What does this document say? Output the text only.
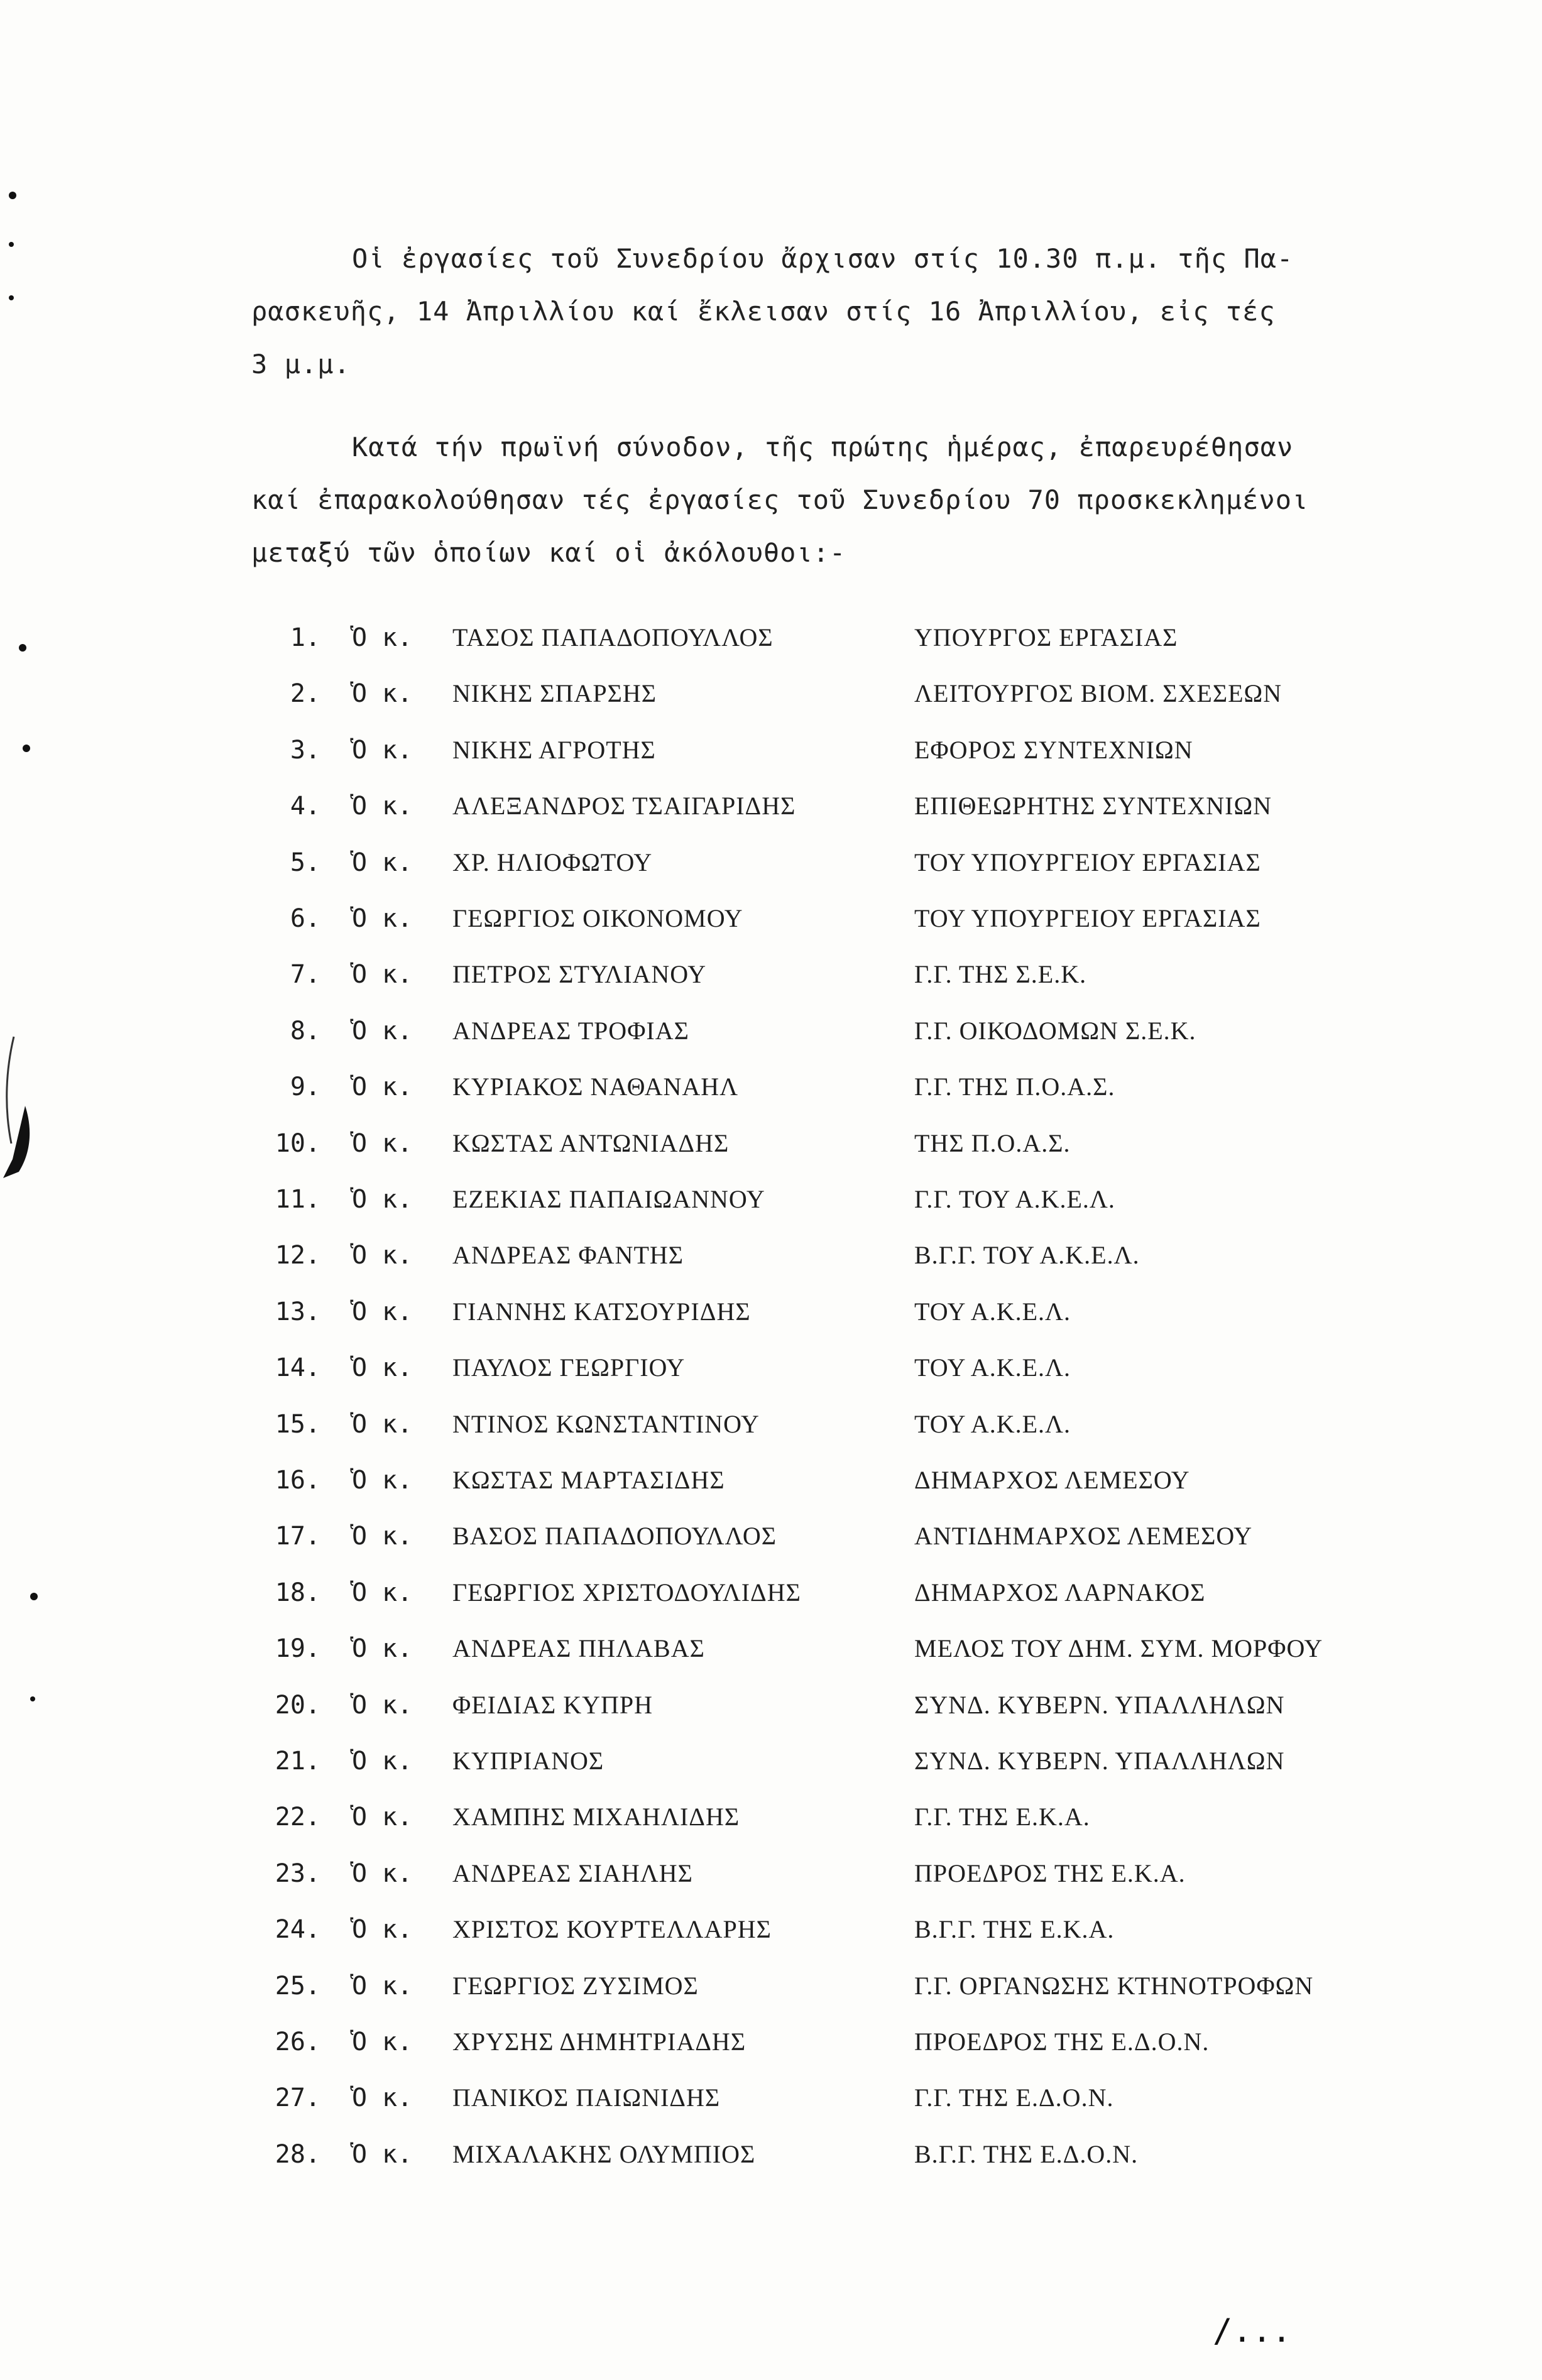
Οἱ ἐργασίες τοῦ Συνεδρίου ἄρχισαν στίς 10.30 π.μ. τῆς Πα-
ρασκευῆς, 14 Ἀπριλλίου καί ἔκλεισαν στίς 16 Ἀπριλλίου, εἰς τές
3 μ.μ.
Κατά τήν πρωϊνή σύνοδον, τῆς πρώτης ἡμέρας, ἐπαρευρέθησαν
καί ἐπαρακολούθησαν τές ἐργασίες τοῦ Συνεδρίου 70 προσκεκλημένοι
μεταξύ τῶν ὁποίων καί οἱ ἀκόλουθοι:-
1. Ὁ κ. ΤΑΣΟΣ ΠΑΠΑΔΟΠΟΥΛΛΟΣ	ΥΠΟΥΡΓΟΣ ΕΡΓΑΣΙΑΣ
2. Ὁ κ. ΝΙΚΗΣ ΣΠΑΡΣΗΣ	ΛΕΙΤΟΥΡΓΟΣ ΒΙΟΜ. ΣΧΕΣΕΩΝ
3. Ὁ κ. ΝΙΚΗΣ ΑΓΡΟΤΗΣ	ΕΦΟΡΟΣ ΣΥΝΤΕΧΝΙΩΝ
4. Ὁ κ. ΑΛΕΞΑΝΔΡΟΣ ΤΣΑΙΓΑΡΙΔΗΣ	ΕΠΙΘΕΩΡΗΤΗΣ ΣΥΝΤΕΧΝΙΩΝ
5. Ὁ κ. ΧΡ. ΗΛΙΟΦΩΤΟΥ	ΤΟΥ ΥΠΟΥΡΓΕΙΟΥ ΕΡΓΑΣΙΑΣ
6. Ὁ κ. ΓΕΩΡΓΙΟΣ ΟΙΚΟΝΟΜΟΥ	ΤΟΥ ΥΠΟΥΡΓΕΙΟΥ ΕΡΓΑΣΙΑΣ
7. Ὁ κ. ΠΕΤΡΟΣ ΣΤΥΛΙΑΝΟΥ	Γ.Γ. ΤΗΣ Σ.Ε.Κ.
8. Ὁ κ. ΑΝΔΡΕΑΣ ΤΡΟΦΙΑΣ	Γ.Γ. ΟΙΚΟΔΟΜΩΝ Σ.Ε.Κ.
9. Ὁ κ. ΚΥΡΙΑΚΟΣ ΝΑΘΑΝΑΗΛ	Γ.Γ. ΤΗΣ Π.Ο.Α.Σ.
10. Ὁ κ. ΚΩΣΤΑΣ ΑΝΤΩΝΙΑΔΗΣ	ΤΗΣ Π.Ο.Α.Σ.
11. Ὁ κ. ΕΖΕΚΙΑΣ ΠΑΠΑΙΩΑΝΝΟΥ	Γ.Γ. ΤΟΥ Α.Κ.Ε.Λ.
12. Ὁ κ. ΑΝΔΡΕΑΣ ΦΑΝΤΗΣ	Β.Γ.Γ. ΤΟΥ Α.Κ.Ε.Λ.
13. Ὁ κ. ΓΙΑΝΝΗΣ ΚΑΤΣΟΥΡΙΔΗΣ	ΤΟΥ Α.Κ.Ε.Λ.
14. Ὁ κ. ΠΑΥΛΟΣ ΓΕΩΡΓΙΟΥ	ΤΟΥ Α.Κ.Ε.Λ.
15. Ὁ κ. ΝΤΙΝΟΣ ΚΩΝΣΤΑΝΤΙΝΟΥ	ΤΟΥ Α.Κ.Ε.Λ.
16. Ὁ κ. ΚΩΣΤΑΣ ΜΑΡΤΑΣΙΔΗΣ	ΔΗΜΑΡΧΟΣ ΛΕΜΕΣΟΥ
17. Ὁ κ. ΒΑΣΟΣ ΠΑΠΑΔΟΠΟΥΛΛΟΣ	ΑΝΤΙΔΗΜΑΡΧΟΣ ΛΕΜΕΣΟΥ
18. Ὁ κ. ΓΕΩΡΓΙΟΣ ΧΡΙΣΤΟΔΟΥΛΙΔΗΣ	ΔΗΜΑΡΧΟΣ ΛΑΡΝΑΚΟΣ
19. Ὁ κ. ΑΝΔΡΕΑΣ ΠΗΛΑΒΑΣ	ΜΕΛΟΣ ΤΟΥ ΔΗΜ. ΣΥΜ. ΜΟΡΦΟΥ
20. Ὁ κ. ΦΕΙΔΙΑΣ ΚΥΠΡΗ	ΣΥΝΔ. ΚΥΒΕΡΝ. ΥΠΑΛΛΗΛΩΝ
21. Ὁ κ. ΚΥΠΡΙΑΝΟΣ	ΣΥΝΔ. ΚΥΒΕΡΝ. ΥΠΑΛΛΗΛΩΝ
22. Ὁ κ. ΧΑΜΠΗΣ ΜΙΧΑΗΛΙΔΗΣ	Γ.Γ. ΤΗΣ Ε.Κ.Α.
23. Ὁ κ. ΑΝΔΡΕΑΣ ΣΙΑΗΛΗΣ	ΠΡΟΕΔΡΟΣ ΤΗΣ Ε.Κ.Α.
24. Ὁ κ. ΧΡΙΣΤΟΣ ΚΟΥΡΤΕΛΛΑΡΗΣ	Β.Γ.Γ. ΤΗΣ Ε.Κ.Α.
25. Ὁ κ. ΓΕΩΡΓΙΟΣ ΖΥΣΙΜΟΣ	Γ.Γ. ΟΡΓΑΝΩΣΗΣ ΚΤΗΝΟΤΡΟΦΩΝ
26. Ὁ κ. ΧΡΥΣΗΣ ΔΗΜΗΤΡΙΑΔΗΣ	ΠΡΟΕΔΡΟΣ ΤΗΣ Ε.Δ.Ο.Ν.
27. Ὁ κ. ΠΑΝΙΚΟΣ ΠΑΙΩΝΙΔΗΣ	Γ.Γ. ΤΗΣ Ε.Δ.Ο.Ν.
28. Ὁ κ. ΜΙΧΑΛΑΚΗΣ ΟΛΥΜΠΙΟΣ	Β.Γ.Γ. ΤΗΣ Ε.Δ.Ο.Ν.
/...
